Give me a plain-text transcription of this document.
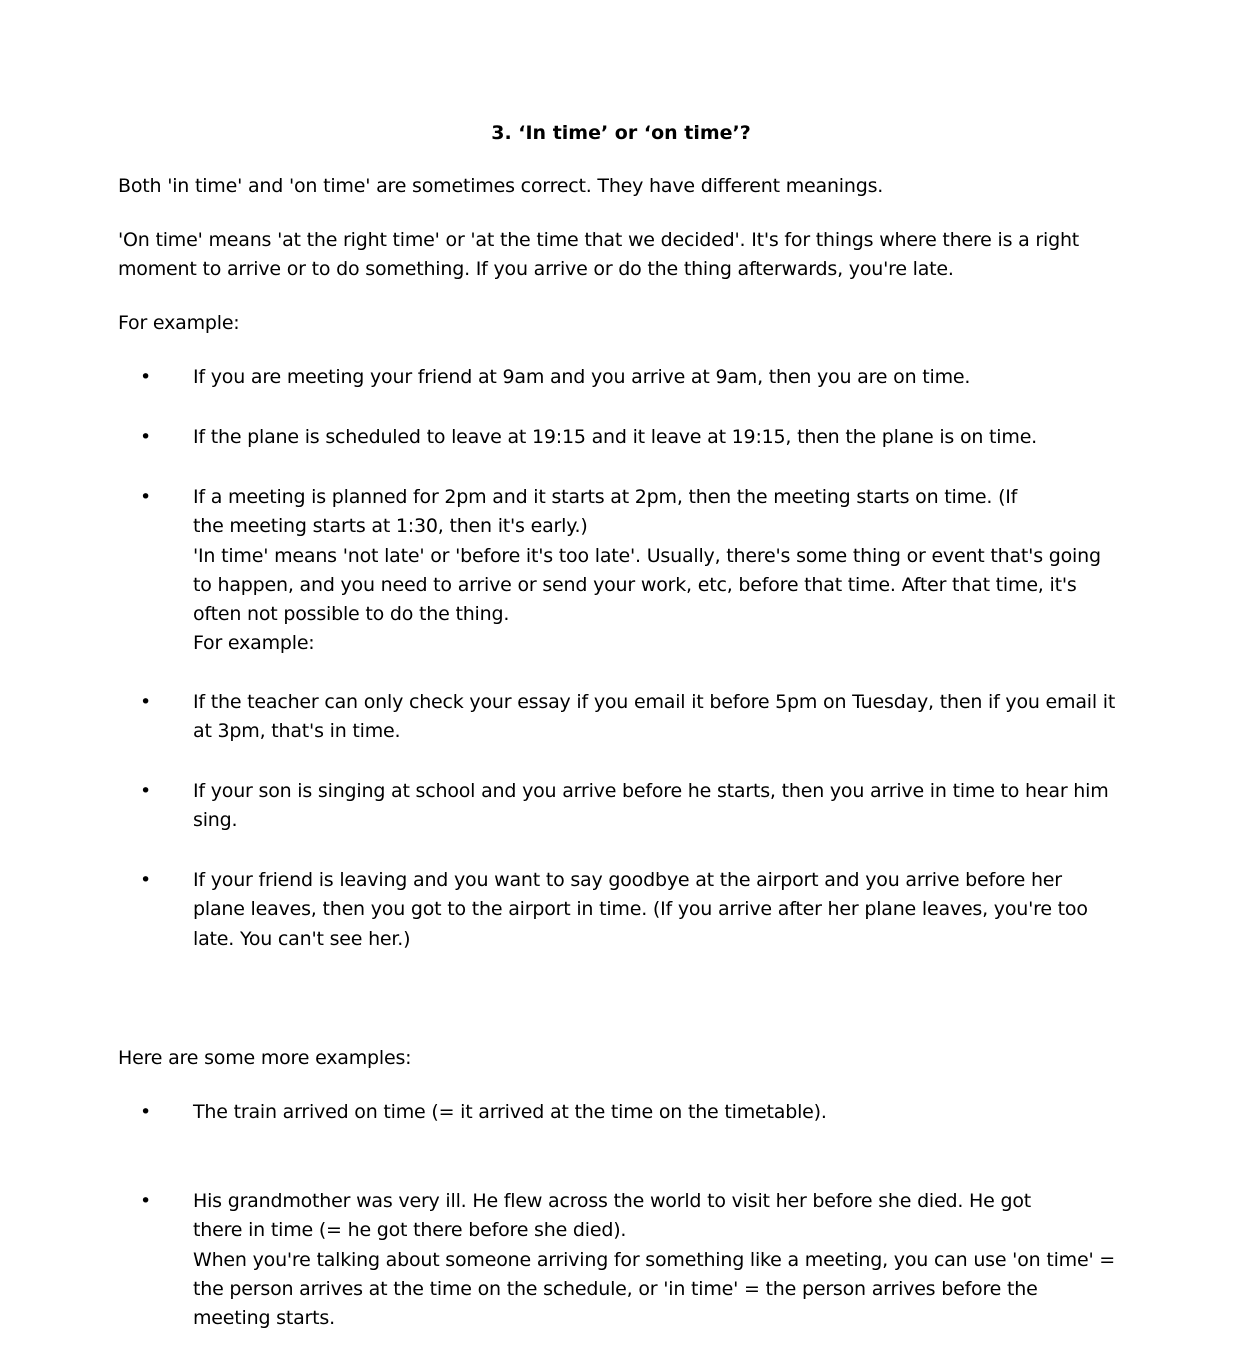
3. ‘In time’ or ‘on time’?

Both 'in time' and 'on time' are sometimes correct. They have different meanings.

'On time' means 'at the right time' or 'at the time that we decided'. It's for things where there is a right moment to arrive or to do something. If you arrive or do the thing afterwards, you're late.

For example:

• If you are meeting your friend at 9am and you arrive at 9am, then you are on time.
• If the plane is scheduled to leave at 19:15 and it leave at 19:15, then the plane is on time.
• If a meeting is planned for 2pm and it starts at 2pm, then the meeting starts on time. (If the meeting starts at 1:30, then it's early.)
'In time' means 'not late' or 'before it's too late'. Usually, there's some thing or event that's going to happen, and you need to arrive or send your work, etc, before that time. After that time, it's often not possible to do the thing.
For example:
• If the teacher can only check your essay if you email it before 5pm on Tuesday, then if you email it at 3pm, that's in time.
• If your son is singing at school and you arrive before he starts, then you arrive in time to hear him sing.
• If your friend is leaving and you want to say goodbye at the airport and you arrive before her plane leaves, then you got to the airport in time. (If you arrive after her plane leaves, you're too late. You can't see her.)

Here are some more examples:

• The train arrived on time (= it arrived at the time on the timetable).
• His grandmother was very ill. He flew across the world to visit her before she died. He got there in time (= he got there before she died).
When you're talking about someone arriving for something like a meeting, you can use 'on time' = the person arrives at the time on the schedule, or 'in time' = the person arrives before the meeting starts.
